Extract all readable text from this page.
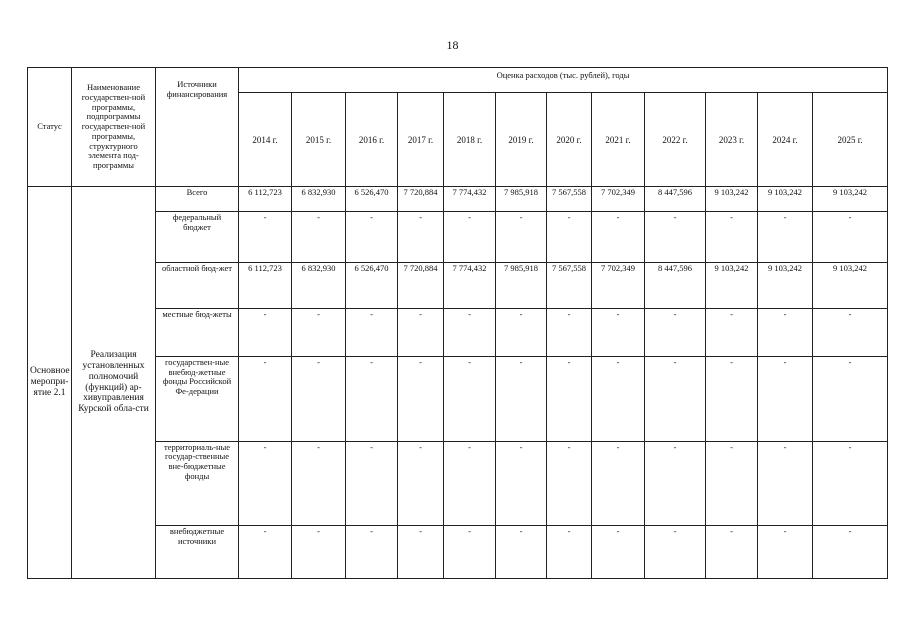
18
Статус	Наименование государствен-ной программы, подпрограммы государствен-ной программы, структурного элемента под-программы	Источники финансирования	Оценка расходов (тыс. рублей), годы											
			2014 г.	2015 г.	2016 г.	2017 г.	2018 г.	2019 г.	2020 г.	2021 г.	2022 г.	2023 г.	2024 г.	2025 г.
Основное меропри-ятие 2.1	Реализация установленных полномочий (функций) ар-хивуправления Курской обла-сти	Всего	6 112,723	6 832,930	6 526,470	7 720,884	7 774,432	7 985,918	7 567,558	7 702,349	8 447,596	9 103,242	9 103,242	9 103,242
		федеральный бюджет	-	-	-	-	-	-	-	-	-	-	-	-
		областной бюд-жет	6 112,723	6 832,930	6 526,470	7 720,884	7 774,432	7 985,918	7 567,558	7 702,349	8 447,596	9 103,242	9 103,242	9 103,242
		местные бюд-жеты	-	-	-	-	-	-	-	-	-	-	-	-
		государствен-ные внебюд-жетные фонды Российской Фе-дерации	-	-	-	-	-	-	-	-	-	-	-	-
		территориаль-ные государ-ственные вне-бюджетные фонды	-	-	-	-	-	-	-	-	-	-	-	-
		внебюджетные источники	-	-	-	-	-	-	-	-	-	-	-	-
